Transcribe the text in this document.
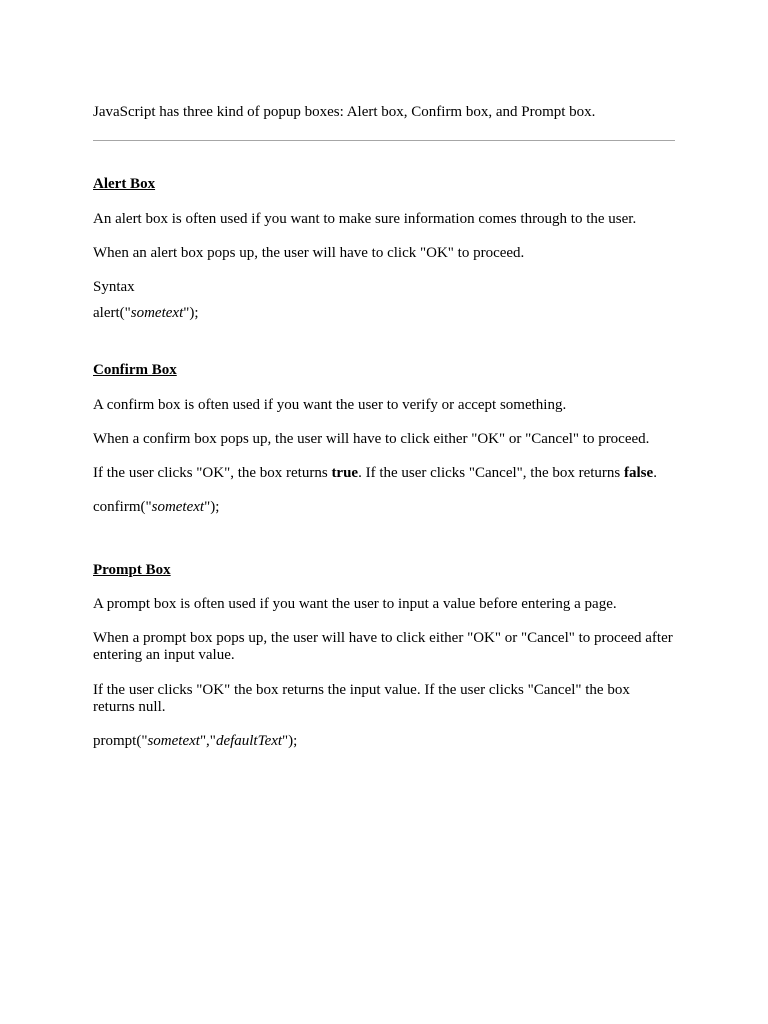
JavaScript has three kind of popup boxes: Alert box, Confirm box, and Prompt box.
Alert Box
An alert box is often used if you want to make sure information comes through to the user.
When an alert box pops up, the user will have to click "OK" to proceed.
Syntax
alert("sometext");
Confirm Box
A confirm box is often used if you want the user to verify or accept something.
When a confirm box pops up, the user will have to click either "OK" or "Cancel" to proceed.
If the user clicks "OK", the box returns true. If the user clicks "Cancel", the box returns false.
confirm("sometext");
Prompt Box
A prompt box is often used if you want the user to input a value before entering a page.
When a prompt box pops up, the user will have to click either "OK" or "Cancel" to proceed after entering an input value.
If the user clicks "OK" the box returns the input value. If the user clicks "Cancel" the box returns null.
prompt("sometext","defaultText");
